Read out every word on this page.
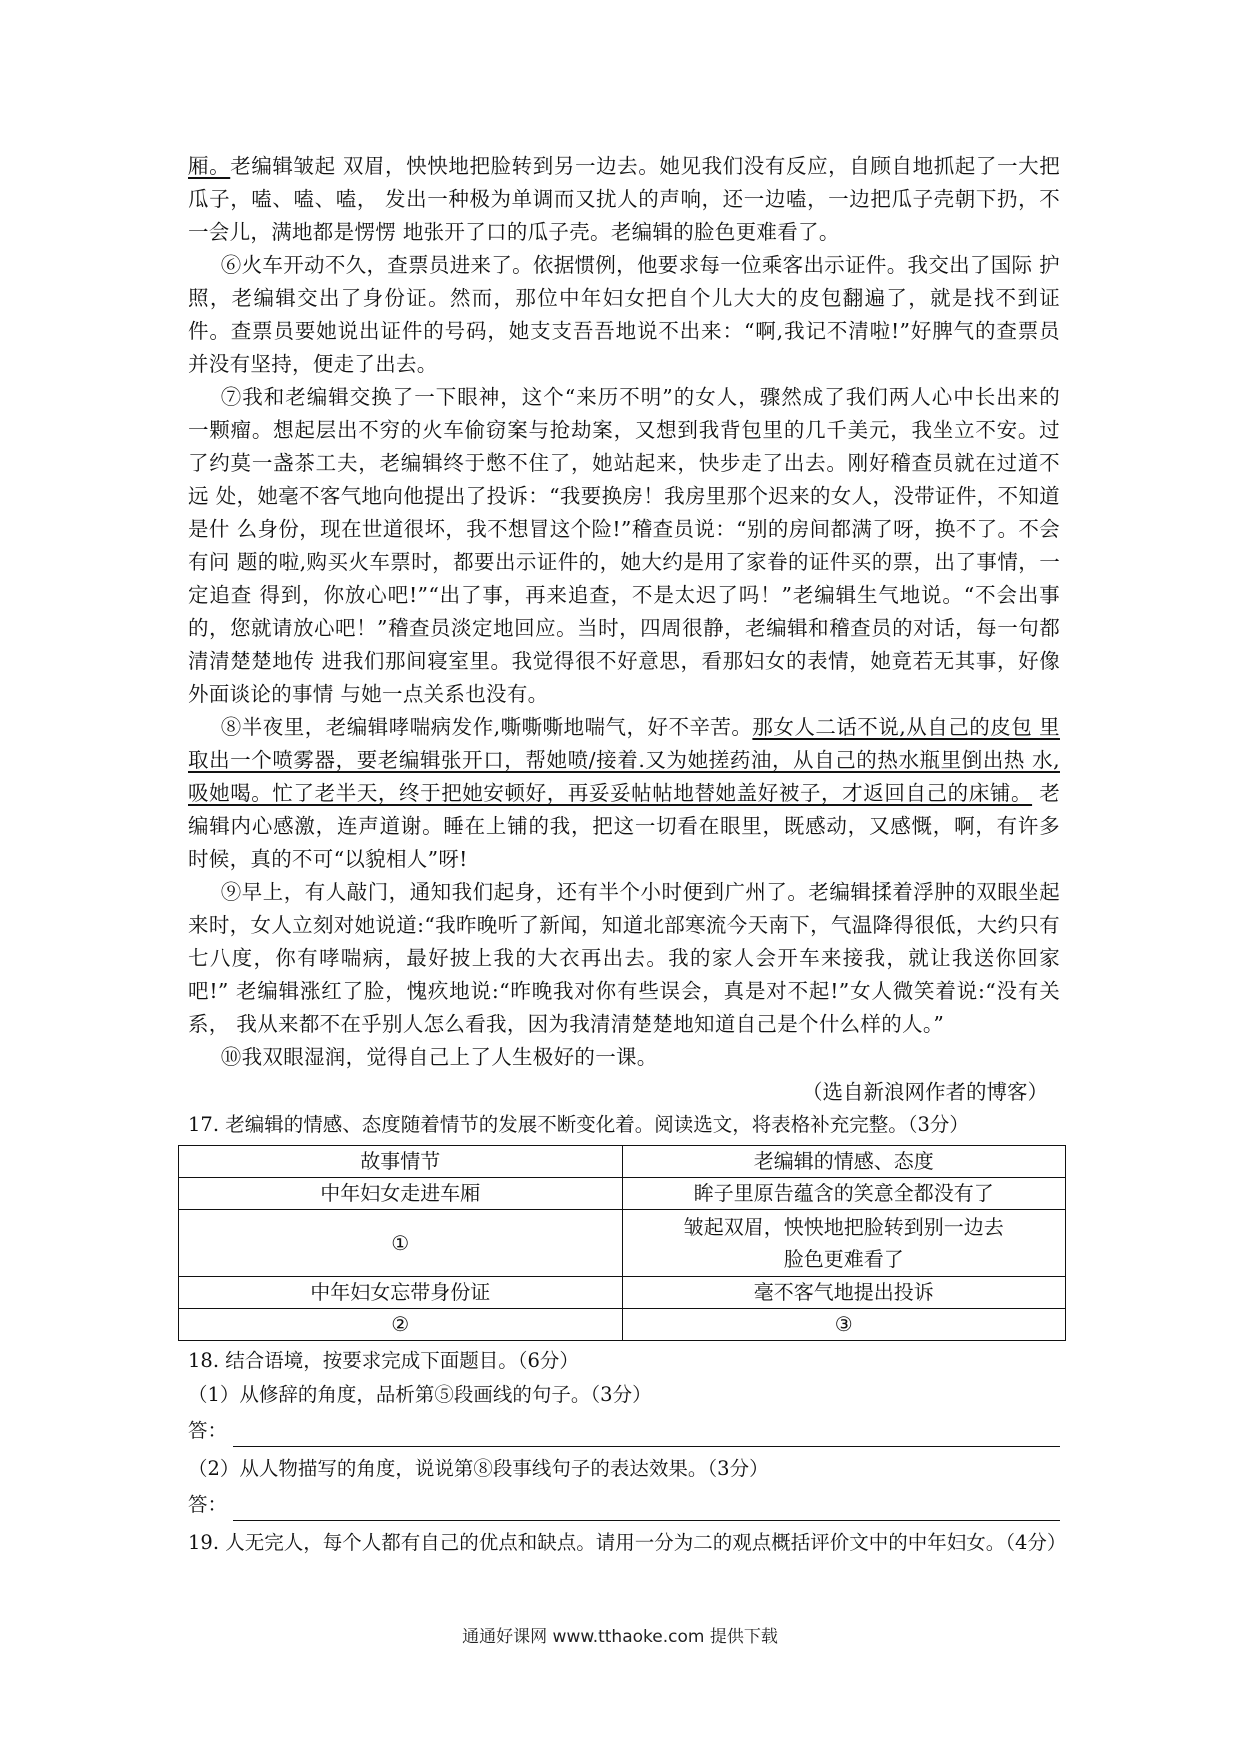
厢。老编辑皱起 双眉，怏怏地把脸转到另一边去。她见我们没有反应，自顾自地抓起了一大把瓜子，嗑、嗑、嗑， 发出一种极为单调而又扰人的声响，还一边嗑，一边把瓜子壳朝下扔，不一会儿，满地都是愣愣 地张开了口的瓜子壳。老编辑的脸色更难看了。

⑥火车开动不久，查票员进来了。依据惯例，他要求每一位乘客出示证件。我交出了国际 护照，老编辑交出了身份证。然而，那位中年妇女把自个儿大大的皮包翻遍了，就是找不到证 件。查票员要她说出证件的号码，她支支吾吾地说不出来：“啊,我记不清啦!”好脾气的查票员 并没有坚持，便走了出去。

⑦我和老编辑交换了一下眼神，这个“来历不明”的女人，骤然成了我们两人心中长出来的 一颗瘤。想起层出不穷的火车偷窃案与抢劫案，又想到我背包里的几千美元，我坐立不安。过 了约莫一盏茶工夫，老编辑终于憋不住了，她站起来，快步走了出去。刚好稽查员就在过道不远 处，她毫不客气地向他提出了投诉：“我要换房！我房里那个迟来的女人，没带证件，不知道是什 么身份，现在世道很坏，我不想冒这个险!”稽查员说：“别的房间都满了呀，换不了。不会有问 题的啦,购买火车票时，都要出示证件的，她大约是用了家眷的证件买的票，出了事情，一定追查 得到，你放心吧!”“出了事，再来追查，不是太迟了吗！”老编辑生气地说。“不会出事的，您就请放心吧！”稽查员淡定地回应。当时，四周很静，老编辑和稽查员的对话，每一句都清清楚楚地传 进我们那间寝室里。我觉得很不好意思，看那妇女的表情，她竟若无其事，好像外面谈论的事情 与她一点关系也没有。

⑧半夜里，老编辑哮喘病发作,嘶嘶嘶地喘气，好不辛苦。那女人二话不说,从自己的皮包 里取出一个喷雾器，要老编辑张开口，帮她喷/接着.又为她搓药油，从自己的热水瓶里倒出热 水,吸她喝。忙了老半天，终于把她安顿好，再妥妥帖帖地替她盖好被子，才返回自己的床铺。 老编辑内心感激，连声道谢。睡在上铺的我，把这一切看在眼里，既感动，又感慨，啊，有许多时候，真的不可“以貌相人”呀!

⑨早上，有人敲门，通知我们起身，还有半个小时便到广州了。老编辑揉着浮肿的双眼坐起 来时，女人立刻对她说道:“我昨晚听了新闻，知道北部寒流今天南下，气温降得很低，大约只有 七八度，你有哮喘病，最好披上我的大衣再出去。我的家人会开车来接我，就让我送你回家吧!” 老编辑涨红了脸，愧疚地说:“昨晚我对你有些误会，真是对不起!”女人微笑着说:“没有关系， 我从来都不在乎别人怎么看我，因为我清清楚楚地知道自己是个什么样的人。”

⑩我双眼湿润，觉得自己上了人生极好的一课。

（选自新浪网作者的博客）

17. 老编辑的情感、态度随着情节的发展不断变化着。阅读选文，将表格补充完整。（3分）

故事情节	老编辑的情感、态度
中年妇女走进车厢	眸子里原告蕴含的笑意全都没有了
①	皱起双眉，怏怏地把脸转到别一边去
脸色更难看了

中年妇女忘带身份证	毫不客气地提出投诉
②	③

18. 结合语境，按要求完成下面题目。（6分）

（1）从修辞的角度，品析第⑤段画线的句子。（3分）

答：

（2）从人物描写的角度，说说第⑧段事线句子的表达效果。（3分）

答：

19. 人无完人，每个人都有自己的优点和缺点。请用一分为二的观点概括评价文中的中年妇女。（4分）

通通好课网 www.tthaoke.com 提供下载
